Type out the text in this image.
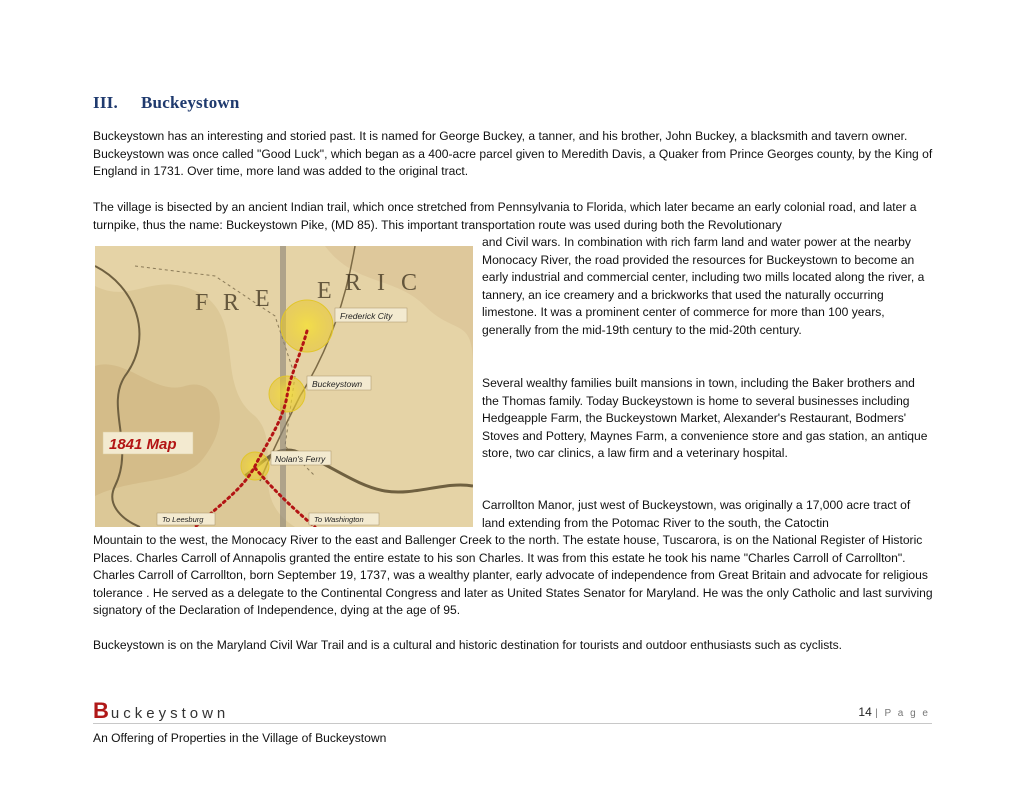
III. Buckeystown

Buckeystown has an interesting and storied past. It is named for George Buckey, a tanner, and his brother, John Buckey, a blacksmith and tavern owner. Buckeystown was once called "Good Luck", which began as a 400-acre parcel given to Meredith Davis, a Quaker from Prince Georges county, by the King of England in 1731. Over time, more land was added to the original tract.

The village is bisected by an ancient Indian trail, which once stretched from Pennsylvania to Florida, which later became an early colonial road, and later a turnpike, thus the name: Buckeystown Pike, (MD 85). This important transportation route was used during both the Revolutionary

and Civil wars. In combination with rich farm land and water power at the nearby Monocacy River, the road provided the resources for Buckeystown to become an early industrial and commercial center, including two mills located along the river, a tannery, an ice creamery and a brickworks that used the naturally occurring limestone. It was a prominent center of commerce for more than 100 years, generally from the mid-19th century to the mid-20th century.

Several wealthy families built mansions in town, including the Baker brothers and the Thomas family. Today Buckeystown is home to several businesses including Hedgeapple Farm, the Buckeystown Market, Alexander's Restaurant, Bodmers' Stoves and Pottery, Maynes Farm, a convenience store and gas station, an antique store, two car clinics, a law firm and a veterinary hospital.

Carrollton Manor, just west of Buckeystown, was originally a 17,000 acre tract of land extending from the Potomac River to the south, the Catoctin

Mountain to the west, the Monocacy River to the east and Ballenger Creek to the north. The estate house, Tuscarora, is on the National Register of Historic Places. Charles Carroll of Annapolis granted the entire estate to his son Charles. It was from this estate he took his name "Charles Carroll of Carrollton". Charles Carroll of Carrollton, born September 19, 1737, was a wealthy planter, early advocate of independence from Great Britain and advocate for religious tolerance . He served as a delegate to the Continental Congress and later as United States Senator for Maryland. He was the only Catholic and last surviving signatory of the Declaration of Independence, dying at the age of 95.

Buckeystown is on the Maryland Civil War Trail and is a cultural and historic destination for tourists and outdoor enthusiasts such as cyclists.

F R E E R I C
Frederick City
Buckeystown
Nolan's Ferry
To Leesburg	To Washington
1841 Map
Buckeystown	14 | P a g e
An Offering of Properties in the Village of Buckeystown
